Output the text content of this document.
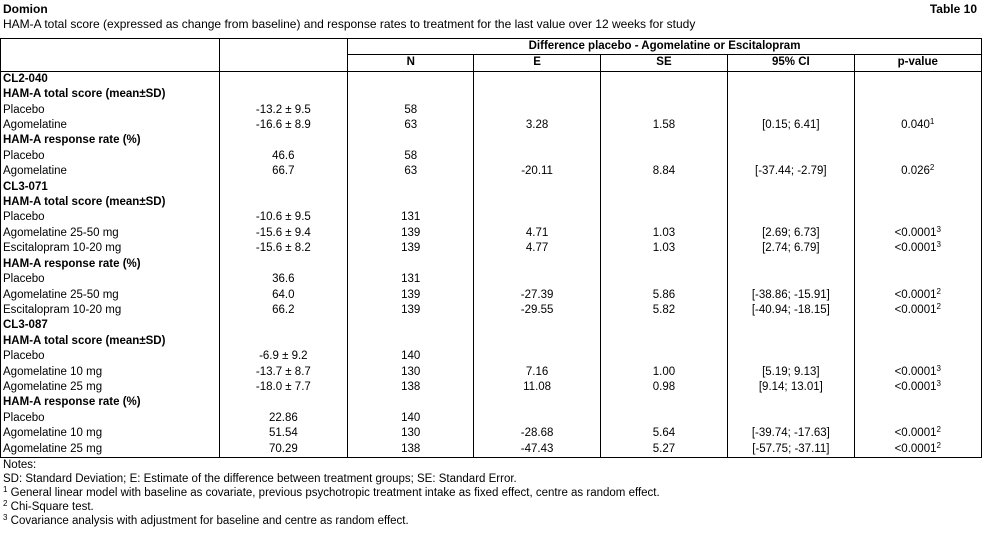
Domion	Table 10
HAM-A total score (expressed as change from baseline) and response rates to treatment for the last value over 12 weeks for study
		Difference placebo - Agomelatine or Escitalopram				
		N	E	SE	95% CI	p-value
CL2-040						
HAM-A total score (mean±SD)						
Placebo	-13.2 ± 9.5	58				
Agomelatine	-16.6 ± 8.9	63	3.28	1.58	[0.15; 6.41]	0.040$^1$
HAM-A response rate (%)						
Placebo	46.6	58				
Agomelatine	66.7	63	-20.11	8.84	[-37.44; -2.79]	0.026$^2$
CL3-071						
HAM-A total score (mean±SD)						
Placebo	-10.6 ± 9.5	131				
Agomelatine 25-50 mg	-15.6 ± 9.4	139	4.71	1.03	[2.69; 6.73]	$<0.0001^3$
Escitalopram 10-20 mg	-15.6 ± 8.2	139	4.77	1.03	[2.74; 6.79]	$<0.0001^3$
HAM-A response rate (%)						
Placebo	36.6	131				
Agomelatine 25-50 mg	64.0	139	-27.39	5.86	[-38.86; -15.91]	$<0.0001^2$
Escitalopram 10-20 mg	66.2	139	-29.55	5.82	[-40.94; -18.15]	$<0.0001^2$
CL3-087						
HAM-A total score (mean±SD)						
Placebo	-6.9 ± 9.2	140				
Agomelatine 10 mg	-13.7 ± 8.7	130	7.16	1.00	[5.19; 9.13]	$<0.0001^3$
Agomelatine 25 mg	-18.0 ± 7.7	138	11.08	0.98	[9.14; 13.01]	$<0.0001^3$
HAM-A response rate (%)						
Placebo	22.86	140				
Agomelatine 10 mg	51.54	130	-28.68	5.64	[-39.74; -17.63]	$<0.0001^2$
Agomelatine 25 mg	70.29	138	-47.43	5.27	[-57.75; -37.11]	$<0.0001^2$
Notes:
SD: Standard Deviation; E: Estimate of the difference between treatment groups; SE: Standard Error.
$^1$ General linear model with baseline as covariate, previous psychotropic treatment intake as fixed effect, centre as random effect.
$^2$ Chi-Square test.
$^3$ Covariance analysis with adjustment for baseline and centre as random effect.
